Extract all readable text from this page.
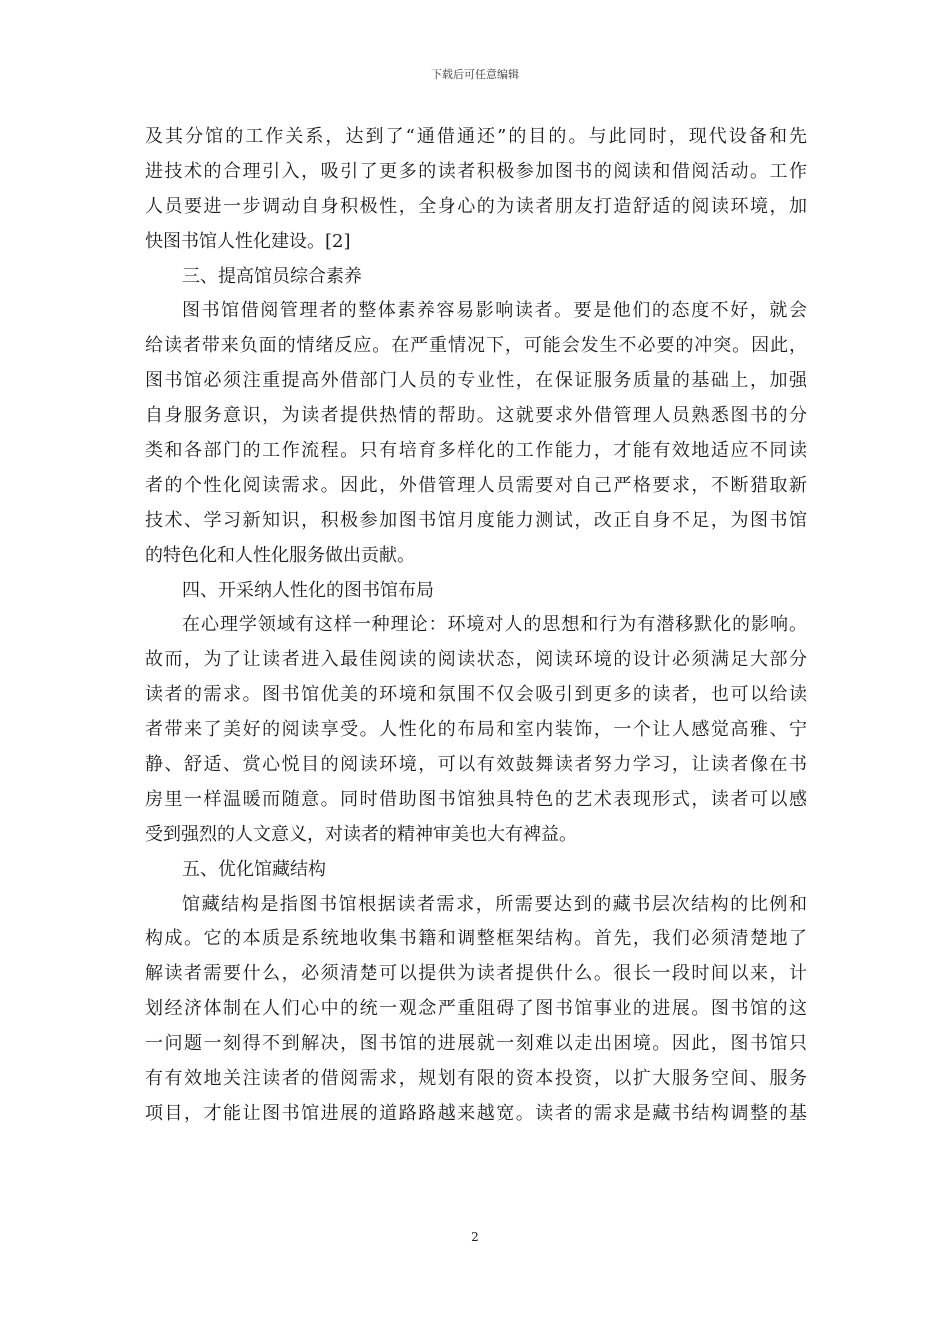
下载后可任意编辑
及其分馆的工作关系，达到了“通借通还”的目的。与此同时，现代设备和先
进技术的合理引入，吸引了更多的读者积极参加图书的阅读和借阅活动。工作
人员要进一步调动自身积极性，全身心的为读者朋友打造舒适的阅读环境，加
快图书馆人性化建设。[2]
三、提高馆员综合素养
图书馆借阅管理者的整体素养容易影响读者。要是他们的态度不好，就会
给读者带来负面的情绪反应。在严重情况下，可能会发生不必要的冲突。因此，
图书馆必须注重提高外借部门人员的专业性，在保证服务质量的基础上，加强
自身服务意识，为读者提供热情的帮助。这就要求外借管理人员熟悉图书的分
类和各部门的工作流程。只有培育多样化的工作能力，才能有效地适应不同读
者的个性化阅读需求。因此，外借管理人员需要对自己严格要求，不断猎取新
技术、学习新知识，积极参加图书馆月度能力测试，改正自身不足，为图书馆
的特色化和人性化服务做出贡献。
四、开采纳人性化的图书馆布局
在心理学领域有这样一种理论：环境对人的思想和行为有潜移默化的影响。
故而，为了让读者进入最佳阅读的阅读状态，阅读环境的设计必须满足大部分
读者的需求。图书馆优美的环境和氛围不仅会吸引到更多的读者，也可以给读
者带来了美好的阅读享受。人性化的布局和室内装饰，一个让人感觉高雅、宁
静、舒适、赏心悦目的阅读环境，可以有效鼓舞读者努力学习，让读者像在书
房里一样温暖而随意。同时借助图书馆独具特色的艺术表现形式，读者可以感
受到强烈的人文意义，对读者的精神审美也大有裨益。
五、优化馆藏结构
馆藏结构是指图书馆根据读者需求，所需要达到的藏书层次结构的比例和
构成。它的本质是系统地收集书籍和调整框架结构。首先，我们必须清楚地了
解读者需要什么，必须清楚可以提供为读者提供什么。很长一段时间以来，计
划经济体制在人们心中的统一观念严重阻碍了图书馆事业的进展。图书馆的这
一问题一刻得不到解决，图书馆的进展就一刻难以走出困境。因此，图书馆只
有有效地关注读者的借阅需求，规划有限的资本投资，以扩大服务空间、服务
项目，才能让图书馆进展的道路路越来越宽。读者的需求是藏书结构调整的基
2
